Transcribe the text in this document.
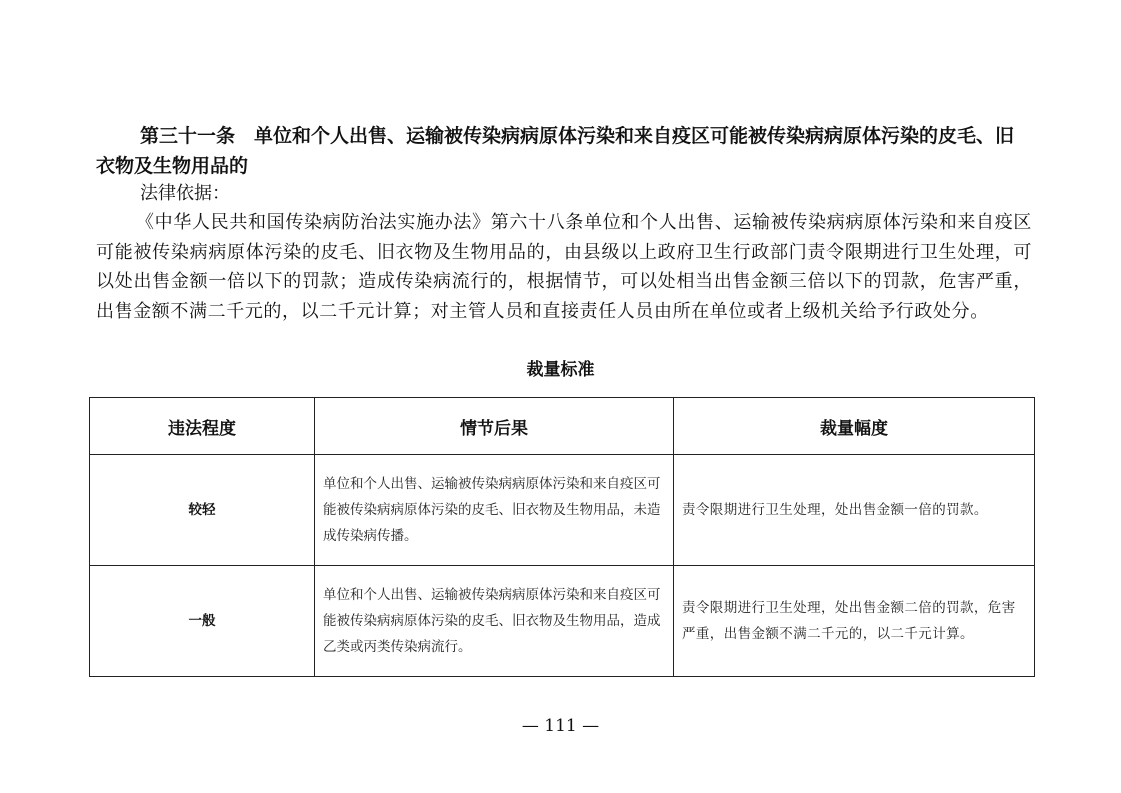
第三十一条　单位和个人出售、运输被传染病病原体污染和来自疫区可能被传染病病原体污染的皮毛、旧衣物及生物用品的

法律依据：

《中华人民共和国传染病防治法实施办法》第六十八条单位和个人出售、运输被传染病病原体污染和来自疫区可能被传染病病原体污染的皮毛、旧衣物及生物用品的，由县级以上政府卫生行政部门责令限期进行卫生处理，可以处出售金额一倍以下的罚款；造成传染病流行的，根据情节，可以处相当出售金额三倍以下的罚款，危害严重，出售金额不满二千元的，以二千元计算；对主管人员和直接责任人员由所在单位或者上级机关给予行政处分。

裁量标准

违法程度	情节后果	裁量幅度
较轻	单位和个人出售、运输被传染病病原体污染和来自疫区可能被传染病病原体污染的皮毛、旧衣物及生物用品，未造成传染病传播。	责令限期进行卫生处理，处出售金额一倍的罚款。
一般	单位和个人出售、运输被传染病病原体污染和来自疫区可能被传染病病原体污染的皮毛、旧衣物及生物用品，造成乙类或丙类传染病流行。	责令限期进行卫生处理，处出售金额二倍的罚款，危害严重，出售金额不满二千元的，以二千元计算。

— 111 —
